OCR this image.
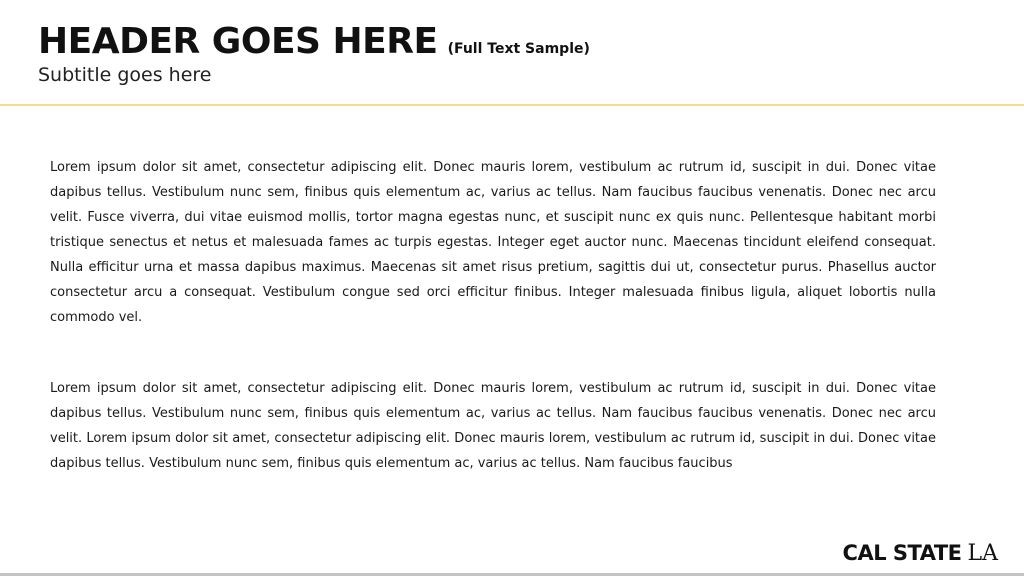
HEADER GOES HERE (Full Text Sample)
Subtitle goes here

Lorem ipsum dolor sit amet, consectetur adipiscing elit. Donec mauris lorem, vestibulum ac rutrum id, suscipit in dui. Donec vitae dapibus tellus. Vestibulum nunc sem, finibus quis elementum ac, varius ac tellus. Nam faucibus faucibus venenatis. Donec nec arcu velit. Fusce viverra, dui vitae euismod mollis, tortor magna egestas nunc, et suscipit nunc ex quis nunc. Pellentesque habitant morbi tristique senectus et netus et malesuada fames ac turpis egestas. Integer eget auctor nunc. Maecenas tincidunt eleifend consequat. Nulla efficitur urna et massa dapibus maximus. Maecenas sit amet risus pretium, sagittis dui ut, consectetur purus. Phasellus auctor consectetur arcu a consequat. Vestibulum congue sed orci efficitur finibus. Integer malesuada finibus ligula, aliquet lobortis nulla commodo vel.

Lorem ipsum dolor sit amet, consectetur adipiscing elit. Donec mauris lorem, vestibulum ac rutrum id, suscipit in dui. Donec vitae dapibus tellus. Vestibulum nunc sem, finibus quis elementum ac, varius ac tellus. Nam faucibus faucibus venenatis. Donec nec arcu velit. Lorem ipsum dolor sit amet, consectetur adipiscing elit. Donec mauris lorem, vestibulum ac rutrum id, suscipit in dui. Donec vitae dapibus tellus. Vestibulum nunc sem, finibus quis elementum ac, varius ac tellus. Nam faucibus faucibus

CAL STATE LA
